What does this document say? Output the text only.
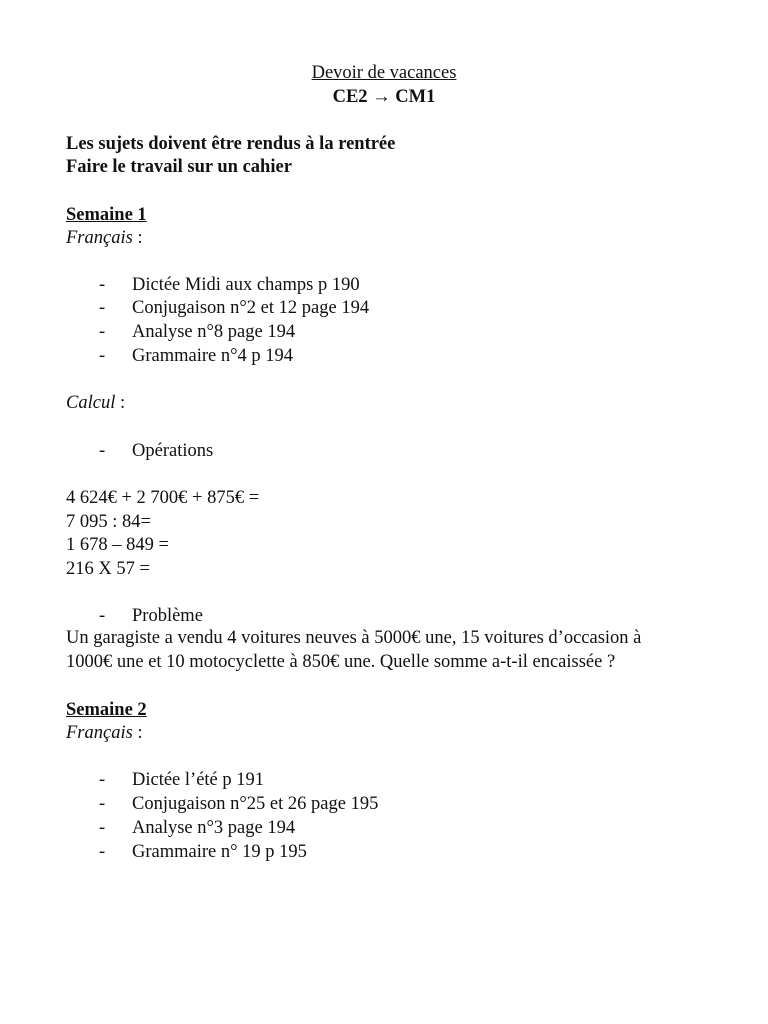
Devoir de vacances
CE2 → CM1
Les sujets doivent être rendus à la rentrée
Faire le travail sur un cahier
Semaine 1
Français :
- Dictée Midi aux champs p 190
- Conjugaison n°2 et 12 page 194
- Analyse n°8 page 194
- Grammaire n°4 p 194
Calcul :
- Opérations
4 624€ + 2 700€ + 875€ =
7 095 : 84=
1 678 – 849 =
216 X 57 =
- Problème
Un garagiste a vendu 4 voitures neuves à 5000€ une, 15 voitures d’occasion à
1000€ une et 10 motocyclette à 850€ une. Quelle somme a-t-il encaissée ?
Semaine 2
Français :
- Dictée l’été p 191
- Conjugaison n°25 et 26 page 195
- Analyse n°3 page 194
- Grammaire n° 19 p 195
